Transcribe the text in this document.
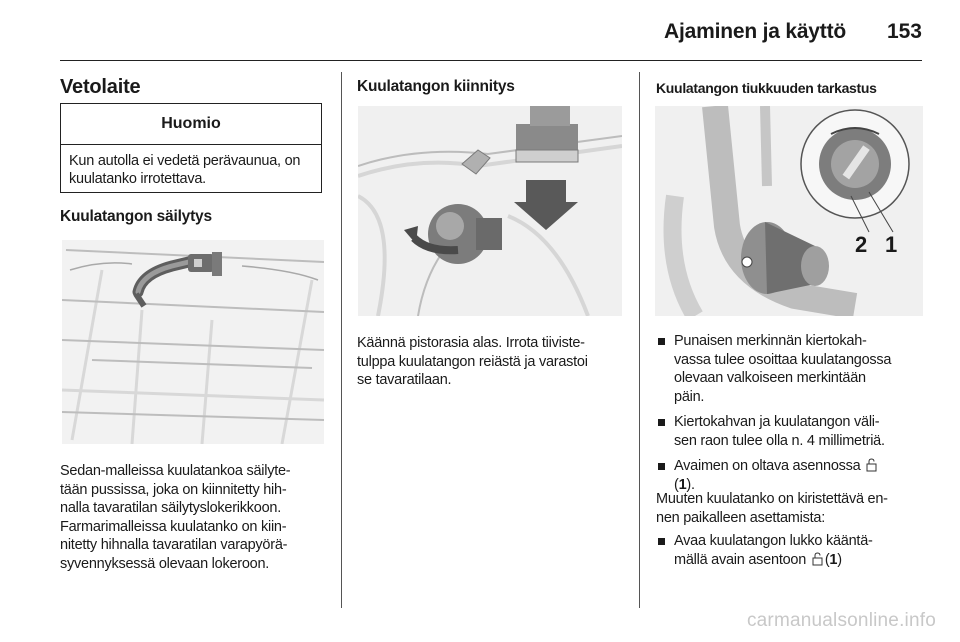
Ajaminen ja käyttö	153
Vetolaite
Huomio
Kun autolla ei vedetä perävaunua, on kuulatanko irrotettava.
Kuulatangon säilytys
Sedan-malleissa kuulatankoa säilyte-
tään pussissa, joka on kiinnitetty hih-
nalla tavaratilan säilytyslokerikkoon.
Farmarimalleissa kuulatanko on kiin-
nitetty hihnalla tavaratilan varapyörä-
syvennyksessä olevaan lokeroon.
Kuulatangon kiinnitys
Käännä pistorasia alas. Irrota tiiviste-
tulppa kuulatangon reiästä ja varastoi
se tavaratilaan.
Kuulatangon tiukkuuden tarkastus
2 1
Punaisen merkinnän kiertokah-
vassa tulee osoittaa kuulatangossa
olevaan valkoiseen merkintään
päin.
Kiertokahvan ja kuulatangon väli-
sen raon tulee olla n. 4 millimetriä.
Avaimen on oltava asennossa
(1).
Muuten kuulatanko on kiristettävä en-
nen paikalleen asettamista:
Avaa kuulatangon lukko kääntä-
mällä avain asentoon (1)
carmanualsonline.info
